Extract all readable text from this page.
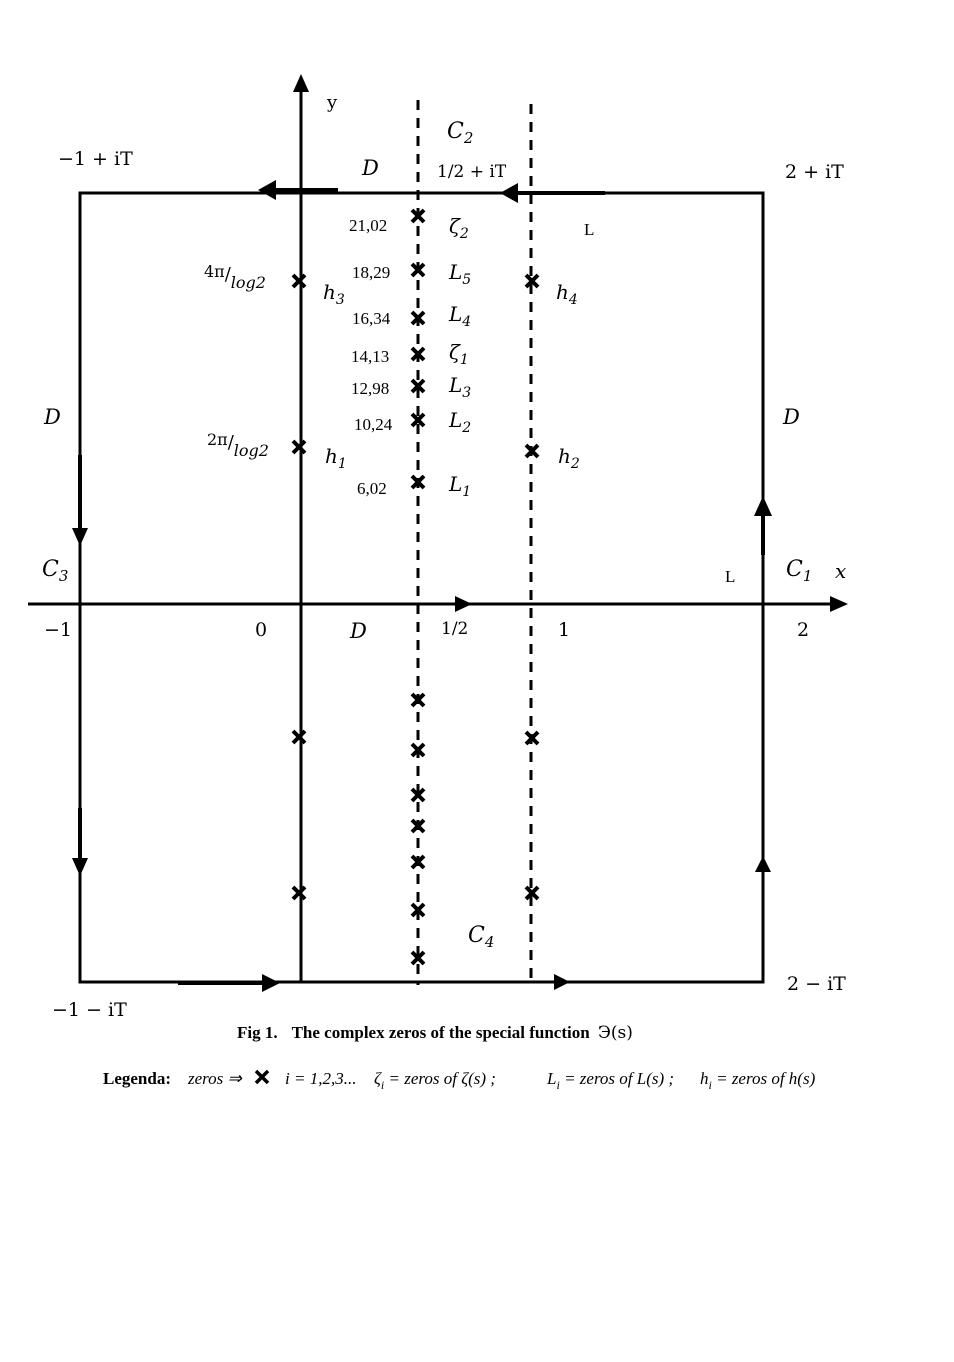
y
x
$C_2$
$C_1$
$C_3$
$C_4$
−1 + iT
2 + iT
−1 − iT
2 − iT
1/2 + iT
D
D	D
D
L
L
−1	0	1/2	1	2
4π/log2
2π/log2
$h_3$	$h_4$
$h_1$	$h_2$
$\zeta_2$
$L_5$
$L_4$
$\zeta_1$
$L_3$
$L_2$
$L_1$
21,02
18,29
16,34
14,13
12,98
10,24
6,02
Fig 1. The complex zeros of the special function Э(s)
Legenda: zeros ⇒	i = 1,2,3... $\zeta_i$ = zeros of ζ(s) ;	$L_i$ = zeros of L(s) ; $h_i$ = zeros of h(s)
